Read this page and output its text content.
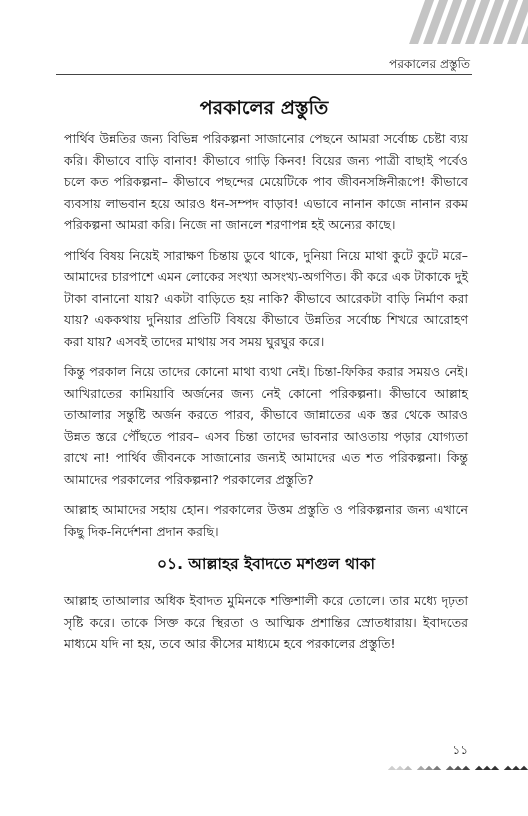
পরকালের প্রস্তুতি
পরকালের প্রস্তুতি

পার্থিব উন্নতির জন্য বিভিন্ন পরিকল্পনা সাজানোর পেছনে আমরা সর্বোচ্চ চেষ্টা ব্যয় করি। কীভাবে বাড়ি বানাব! কীভাবে গাড়ি কিনব! বিয়ের জন্য পাত্রী বাছাই পর্বেও চলে কত পরিকল্পনা– কীভাবে পছন্দের মেয়েটিকে পাব জীবনসঙ্গিনীরূপে! কীভাবে ব্যবসায় লাভবান হয়ে আরও ধন-সম্পদ বাড়াব! এভাবে নানান কাজে নানান রকম পরিকল্পনা আমরা করি। নিজে না জানলে শরণাপন্ন হই অন্যের কাছে।

পার্থিব বিষয় নিয়েই সারাক্ষণ চিন্তায় ডুবে থাকে, দুনিয়া নিয়ে মাথা কুটে কুটে মরে– আমাদের চারপাশে এমন লোকের সংখ্যা অসংখ্য-অগণিত। কী করে এক টাকাকে দুই টাকা বানানো যায়? একটা বাড়িতে হয় নাকি? কীভাবে আরেকটা বাড়ি নির্মাণ করা যায়? এককথায় দুনিয়ার প্রতিটি বিষয়ে কীভাবে উন্নতির সর্বোচ্চ শিখরে আরোহণ করা যায়? এসবই তাদের মাথায় সব সময় ঘুরঘুর করে।

কিন্তু পরকাল নিয়ে তাদের কোনো মাথা ব্যথা নেই। চিন্তা-ফিকির করার সময়ও নেই। আখিরাতের কামিয়াবি অর্জনের জন্য নেই কোনো পরিকল্পনা। কীভাবে আল্লাহ তাআলার সন্তুষ্টি অর্জন করতে পারব, কীভাবে জান্নাতের এক স্তর থেকে আরও উন্নত স্তরে পৌঁছতে পারব– এসব চিন্তা তাদের ভাবনার আওতায় পড়ার যোগ্যতা রাখে না! পার্থিব জীবনকে সাজানোর জন্যই আমাদের এত শত পরিকল্পনা। কিন্তু আমাদের পরকালের পরিকল্পনা? পরকালের প্রস্তুতি?

আল্লাহ আমাদের সহায় হোন। পরকালের উত্তম প্রস্তুতি ও পরিকল্পনার জন্য এখানে কিছু দিক-নির্দেশনা প্রদান করছি।

০১. আল্লাহর ইবাদতে মশগুল থাকা

আল্লাহ তাআলার অধিক ইবাদত মুমিনকে শক্তিশালী করে তোলে। তার মধ্যে দৃঢ়তা সৃষ্টি করে। তাকে সিক্ত করে স্থিরতা ও আত্মিক প্রশান্তির স্রোতধারায়। ইবাদতের মাধ্যমে যদি না হয়, তবে আর কীসের মাধ্যমে হবে পরকালের প্রস্তুতি!

১১
